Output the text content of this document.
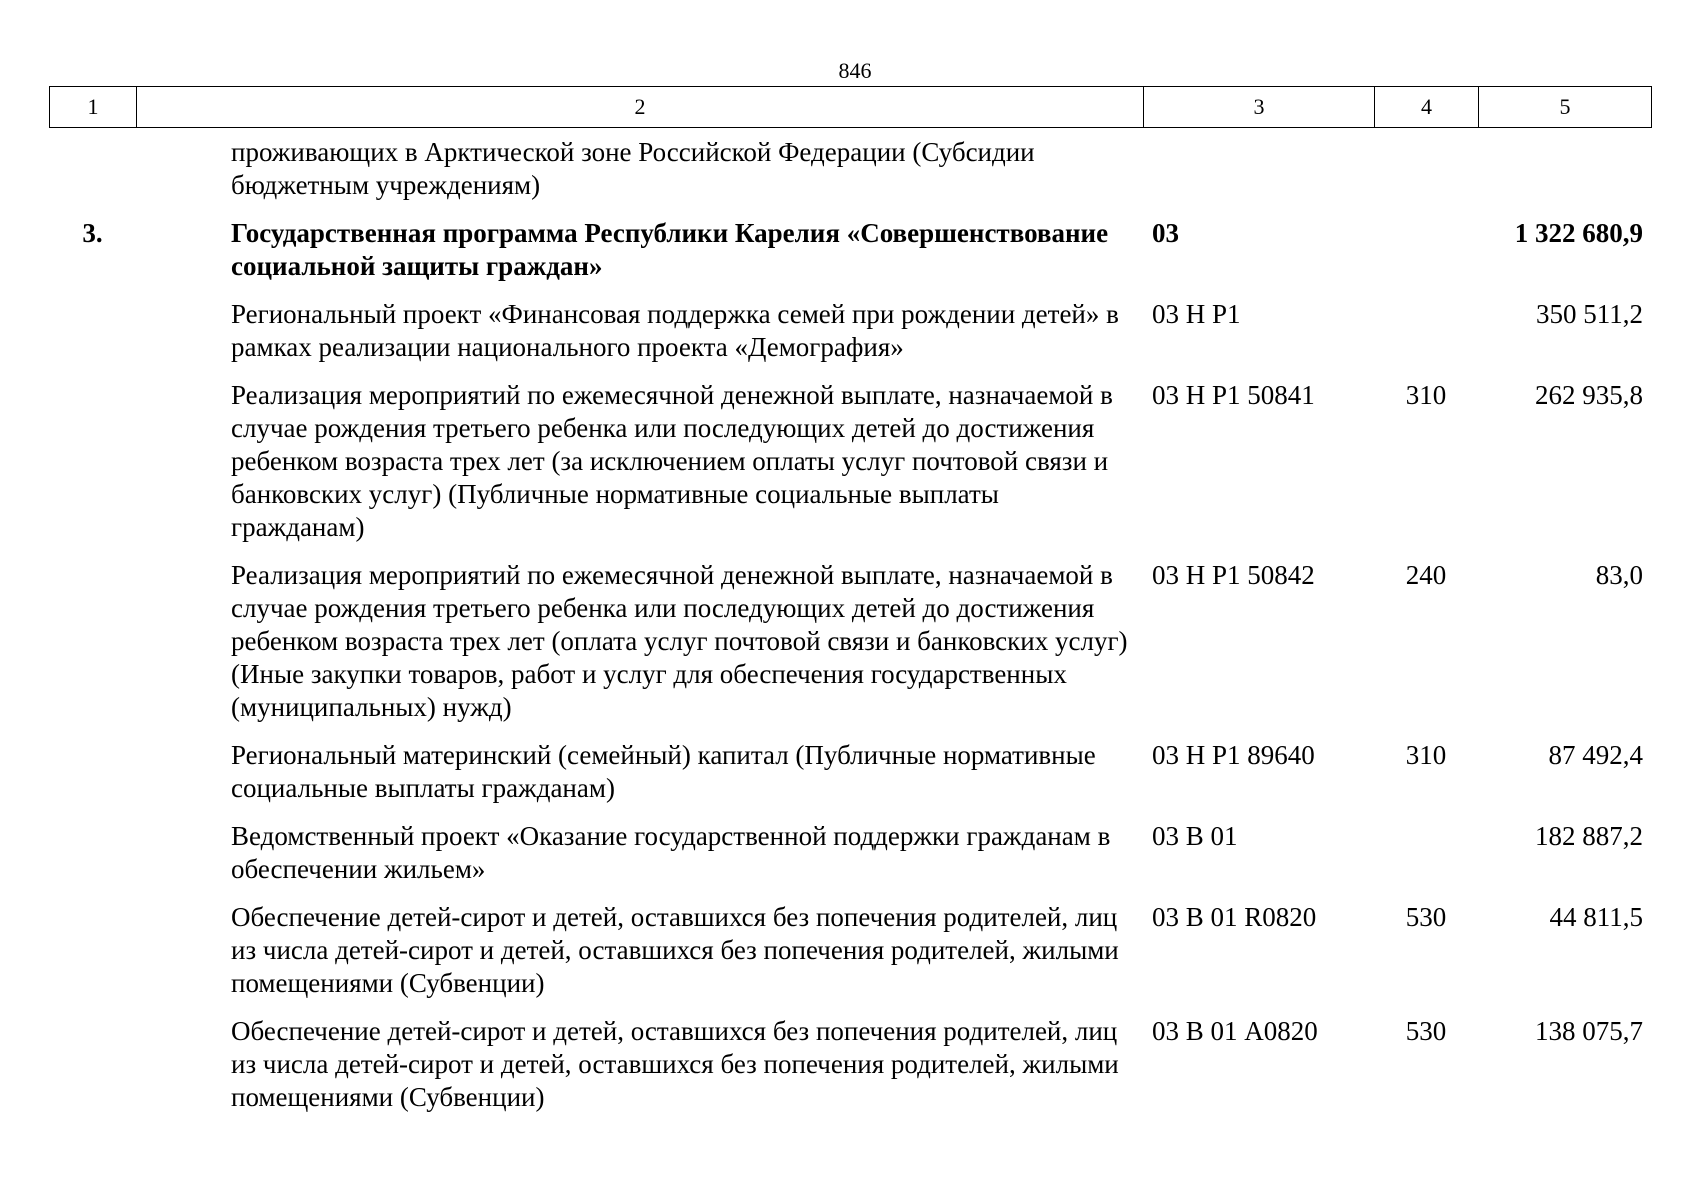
846
1	2	3	4	5
	проживающих в Арктической зоне Российской Федерации (Субсидии бюджетным учреждениям)			
3.	Государственная программа Республики Карелия «Совершенствование социальной защиты граждан»	03		1 322 680,9
	Региональный проект «Финансовая поддержка семей при рождении детей» в рамках реализации национального проекта «Демография»	03 Н Р1		350 511,2
	Реализация мероприятий по ежемесячной денежной выплате, назначаемой в случае рождения третьего ребенка или последующих детей до достижения ребенком возраста трех лет (за исключением оплаты услуг почтовой связи и банковских услуг) (Публичные нормативные социальные выплаты гражданам)	03 Н Р1 50841	310	262 935,8
	Реализация мероприятий по ежемесячной денежной выплате, назначаемой в случае рождения третьего ребенка или последующих детей до достижения ребенком возраста трех лет (оплата услуг почтовой связи и банковских услуг) (Иные закупки товаров, работ и услуг для обеспечения государственных (муниципальных) нужд)	03 Н Р1 50842	240	83,0
	Региональный материнский (семейный) капитал (Публичные нормативные социальные выплаты гражданам)	03 Н Р1 89640	310	87 492,4
	Ведомственный проект «Оказание государственной поддержки гражданам в обеспечении жильем»	03 В 01		182 887,2
	Обеспечение детей-сирот и детей, оставшихся без попечения родителей, лиц из числа детей-сирот и детей, оставшихся без попечения родителей, жилыми помещениями (Субвенции)	03 В 01 R0820	530	44 811,5
	Обеспечение детей-сирот и детей, оставшихся без попечения родителей, лиц из числа детей-сирот и детей, оставшихся без попечения родителей, жилыми помещениями (Субвенции)	03 В 01 А0820	530	138 075,7
